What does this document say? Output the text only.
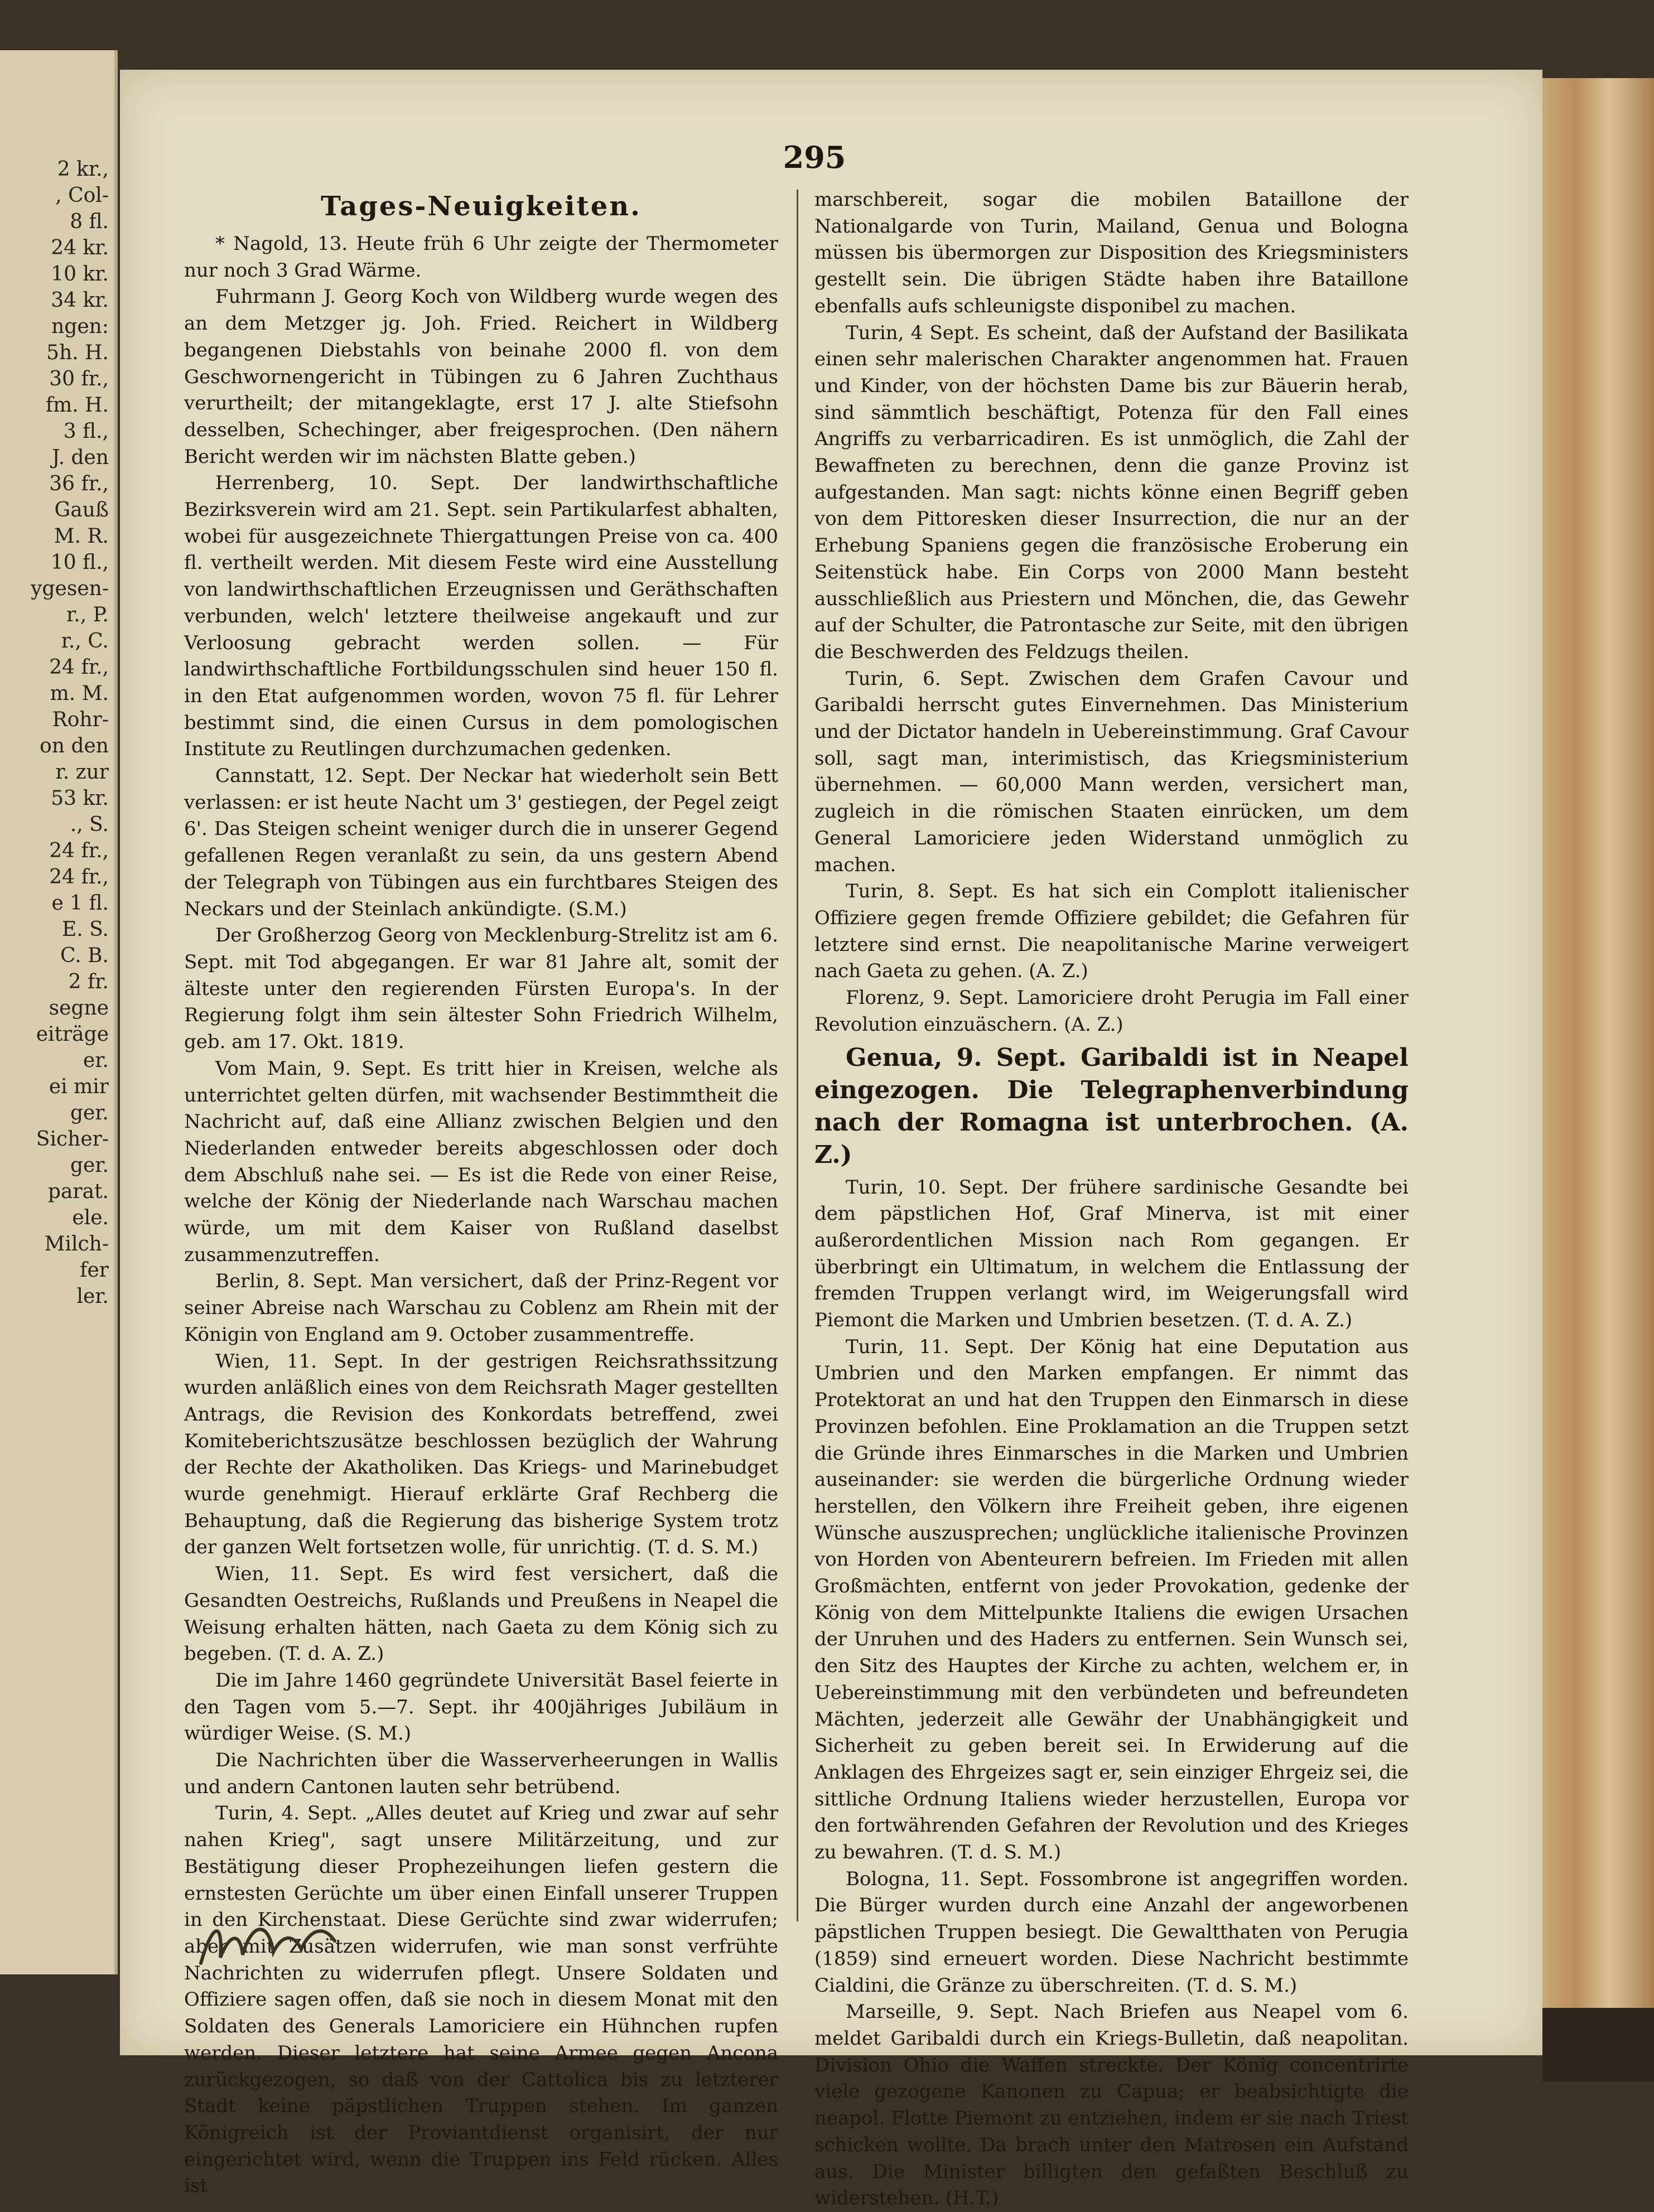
2 kr.,
, Col-
8 fl.
24 kr.
10 kr.
34 kr.
ngen:
5h. H.
30 fr.,
fm. H.
3 fl.,
J. den
36 fr.,
Gauß
M. R.
10 fl.,
ygesen-
r., P.
r., C.
24 fr.,
m. M.
Rohr-
on den
r. zur
53 kr.
., S.
24 fr.,
24 fr.,
e 1 fl.
E. S.
C. B.
2 fr.
segne
eiträge
er.
ei mir
ger.
Sicher-
ger.
parat.
ele.
Milch-
fer
ler.
295
Tages-Neuigkeiten.

* Nagold, 13. Heute früh 6 Uhr zeigte der Thermometer nur noch 3 Grad Wärme.

Fuhrmann J. Georg Koch von Wildberg wurde wegen des an dem Metzger jg. Joh. Fried. Reichert in Wildberg begangenen Diebstahls von beinahe 2000 fl. von dem Geschwornengericht in Tübingen zu 6 Jahren Zuchthaus verurtheilt; der mitangeklagte, erst 17 J. alte Stiefsohn desselben, Schechinger, aber freigesprochen. (Den nähern Bericht werden wir im nächsten Blatte geben.)

Herrenberg, 10. Sept. Der landwirthschaftliche Bezirksverein wird am 21. Sept. sein Partikularfest abhalten, wobei für ausgezeichnete Thiergattungen Preise von ca. 400 fl. vertheilt werden. Mit diesem Feste wird eine Ausstellung von landwirthschaftlichen Erzeugnissen und Geräthschaften verbunden, welch' letztere theilweise angekauft und zur Verloosung gebracht werden sollen. — Für landwirthschaftliche Fortbildungsschulen sind heuer 150 fl. in den Etat aufgenommen worden, wovon 75 fl. für Lehrer bestimmt sind, die einen Cursus in dem pomologischen Institute zu Reutlingen durchzumachen gedenken.

Cannstatt, 12. Sept. Der Neckar hat wiederholt sein Bett verlassen: er ist heute Nacht um 3' gestiegen, der Pegel zeigt 6'. Das Steigen scheint weniger durch die in unserer Gegend gefallenen Regen veranlaßt zu sein, da uns gestern Abend der Telegraph von Tübingen aus ein furchtbares Steigen des Neckars und der Steinlach ankündigte. (S.M.)

Der Großherzog Georg von Mecklenburg-Strelitz ist am 6. Sept. mit Tod abgegangen. Er war 81 Jahre alt, somit der älteste unter den regierenden Fürsten Europa's. In der Regierung folgt ihm sein ältester Sohn Friedrich Wilhelm, geb. am 17. Okt. 1819.

Vom Main, 9. Sept. Es tritt hier in Kreisen, welche als unterrichtet gelten dürfen, mit wachsender Bestimmtheit die Nachricht auf, daß eine Allianz zwischen Belgien und den Niederlanden entweder bereits abgeschlossen oder doch dem Abschluß nahe sei. — Es ist die Rede von einer Reise, welche der König der Niederlande nach Warschau machen würde, um mit dem Kaiser von Rußland daselbst zusammenzutreffen.

Berlin, 8. Sept. Man versichert, daß der Prinz-Regent vor seiner Abreise nach Warschau zu Coblenz am Rhein mit der Königin von England am 9. October zusammentreffe.

Wien, 11. Sept. In der gestrigen Reichsrathssitzung wurden anläßlich eines von dem Reichsrath Mager gestellten Antrags, die Revision des Konkordats betreffend, zwei Komiteberichtszusätze beschlossen bezüglich der Wahrung der Rechte der Akatholiken. Das Kriegs- und Marinebudget wurde genehmigt. Hierauf erklärte Graf Rechberg die Behauptung, daß die Regierung das bisherige System trotz der ganzen Welt fortsetzen wolle, für unrichtig. (T. d. S. M.)

Wien, 11. Sept. Es wird fest versichert, daß die Gesandten Oestreichs, Rußlands und Preußens in Neapel die Weisung erhalten hätten, nach Gaeta zu dem König sich zu begeben. (T. d. A. Z.)

Die im Jahre 1460 gegründete Universität Basel feierte in den Tagen vom 5.—7. Sept. ihr 400jähriges Jubiläum in würdiger Weise. (S. M.)

Die Nachrichten über die Wasserverheerungen in Wallis und andern Cantonen lauten sehr betrübend.

Turin, 4. Sept. „Alles deutet auf Krieg und zwar auf sehr nahen Krieg", sagt unsere Militärzeitung, und zur Bestätigung dieser Prophezeihungen liefen gestern die ernstesten Gerüchte um über einen Einfall unserer Truppen in den Kirchenstaat. Diese Gerüchte sind zwar widerrufen; aber mit Zusätzen widerrufen, wie man sonst verfrühte Nachrichten zu widerrufen pflegt. Unsere Soldaten und Offiziere sagen offen, daß sie noch in diesem Monat mit den Soldaten des Generals Lamoriciere ein Hühnchen rupfen werden. Dieser letztere hat seine Armee gegen Ancona zurückgezogen, so daß von der Cattolica bis zu letzterer Stadt keine päpstlichen Truppen stehen. Im ganzen Königreich ist der Proviantdienst organisirt, der nur eingerichtet wird, wenn die Truppen ins Feld rücken. Alles ist

marschbereit, sogar die mobilen Bataillone der Nationalgarde von Turin, Mailand, Genua und Bologna müssen bis übermorgen zur Disposition des Kriegsministers gestellt sein. Die übrigen Städte haben ihre Bataillone ebenfalls aufs schleunigste disponibel zu machen.

Turin, 4 Sept. Es scheint, daß der Aufstand der Basilikata einen sehr malerischen Charakter angenommen hat. Frauen und Kinder, von der höchsten Dame bis zur Bäuerin herab, sind sämmtlich beschäftigt, Potenza für den Fall eines Angriffs zu verbarricadiren. Es ist unmöglich, die Zahl der Bewaffneten zu berechnen, denn die ganze Provinz ist aufgestanden. Man sagt: nichts könne einen Begriff geben von dem Pittoresken dieser Insurrection, die nur an der Erhebung Spaniens gegen die französische Eroberung ein Seitenstück habe. Ein Corps von 2000 Mann besteht ausschließlich aus Priestern und Mönchen, die, das Gewehr auf der Schulter, die Patrontasche zur Seite, mit den übrigen die Beschwerden des Feldzugs theilen.

Turin, 6. Sept. Zwischen dem Grafen Cavour und Garibaldi herrscht gutes Einvernehmen. Das Ministerium und der Dictator handeln in Uebereinstimmung. Graf Cavour soll, sagt man, interimistisch, das Kriegsministerium übernehmen. — 60,000 Mann werden, versichert man, zugleich in die römischen Staaten einrücken, um dem General Lamoriciere jeden Widerstand unmöglich zu machen.

Turin, 8. Sept. Es hat sich ein Complott italienischer Offiziere gegen fremde Offiziere gebildet; die Gefahren für letztere sind ernst. Die neapolitanische Marine verweigert nach Gaeta zu gehen. (A. Z.)

Florenz, 9. Sept. Lamoriciere droht Perugia im Fall einer Revolution einzuäschern. (A. Z.)

Genua, 9. Sept. Garibaldi ist in Neapel eingezogen. Die Telegraphenverbindung nach der Romagna ist unterbrochen. (A. Z.)

Turin, 10. Sept. Der frühere sardinische Gesandte bei dem päpstlichen Hof, Graf Minerva, ist mit einer außerordentlichen Mission nach Rom gegangen. Er überbringt ein Ultimatum, in welchem die Entlassung der fremden Truppen verlangt wird, im Weigerungsfall wird Piemont die Marken und Umbrien besetzen. (T. d. A. Z.)

Turin, 11. Sept. Der König hat eine Deputation aus Umbrien und den Marken empfangen. Er nimmt das Protektorat an und hat den Truppen den Einmarsch in diese Provinzen befohlen. Eine Proklamation an die Truppen setzt die Gründe ihres Einmarsches in die Marken und Umbrien auseinander: sie werden die bürgerliche Ordnung wieder herstellen, den Völkern ihre Freiheit geben, ihre eigenen Wünsche auszusprechen; unglückliche italienische Provinzen von Horden von Abenteurern befreien. Im Frieden mit allen Großmächten, entfernt von jeder Provokation, gedenke der König von dem Mittelpunkte Italiens die ewigen Ursachen der Unruhen und des Haders zu entfernen. Sein Wunsch sei, den Sitz des Hauptes der Kirche zu achten, welchem er, in Uebereinstimmung mit den verbündeten und befreundeten Mächten, jederzeit alle Gewähr der Unabhängigkeit und Sicherheit zu geben bereit sei. In Erwiderung auf die Anklagen des Ehrgeizes sagt er, sein einziger Ehrgeiz sei, die sittliche Ordnung Italiens wieder herzustellen, Europa vor den fortwährenden Gefahren der Revolution und des Krieges zu bewahren. (T. d. S. M.)

Bologna, 11. Sept. Fossombrone ist angegriffen worden. Die Bürger wurden durch eine Anzahl der angeworbenen päpstlichen Truppen besiegt. Die Gewaltthaten von Perugia (1859) sind erneuert worden. Diese Nachricht bestimmte Cialdini, die Gränze zu überschreiten. (T. d. S. M.)

Marseille, 9. Sept. Nach Briefen aus Neapel vom 6. meldet Garibaldi durch ein Kriegs-Bulletin, daß neapolitan. Division Ohio die Waffen streckte. Der König concentrirte viele gezogene Kanonen zu Capua; er beabsichtigte die neapol. Flotte Piemont zu entziehen, indem er sie nach Triest schicken wollte. Da brach unter den Matrosen ein Aufstand aus. Die Minister billigten den gefaßten Beschluß zu widerstehen. (H.T.)
